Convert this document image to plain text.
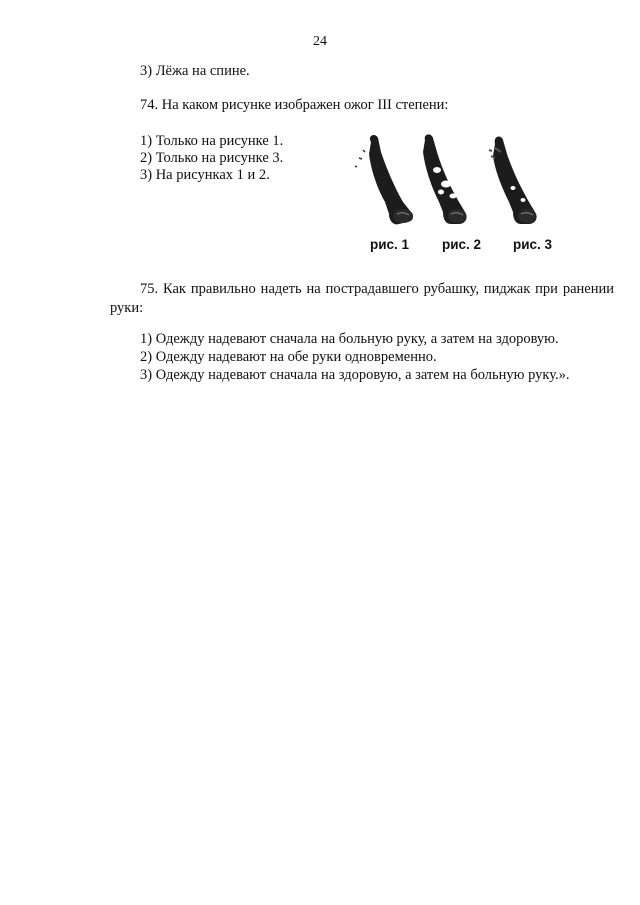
24
3) Лёжа на спине.
74. На каком рисунке изображен ожог III степени:
1) Только на рисунке 1.
2) Только на рисунке 3.
3) На рисунках 1 и 2.
рис. 1 рис. 2 рис. 3
75. Как правильно надеть на пострадавшего рубашку, пиджак при ранении руки:
1) Одежду надевают сначала на больную руку, а затем на здоровую.
2) Одежду надевают на обе руки одновременно.
3) Одежду надевают сначала на здоровую, а затем на больную руку.».
